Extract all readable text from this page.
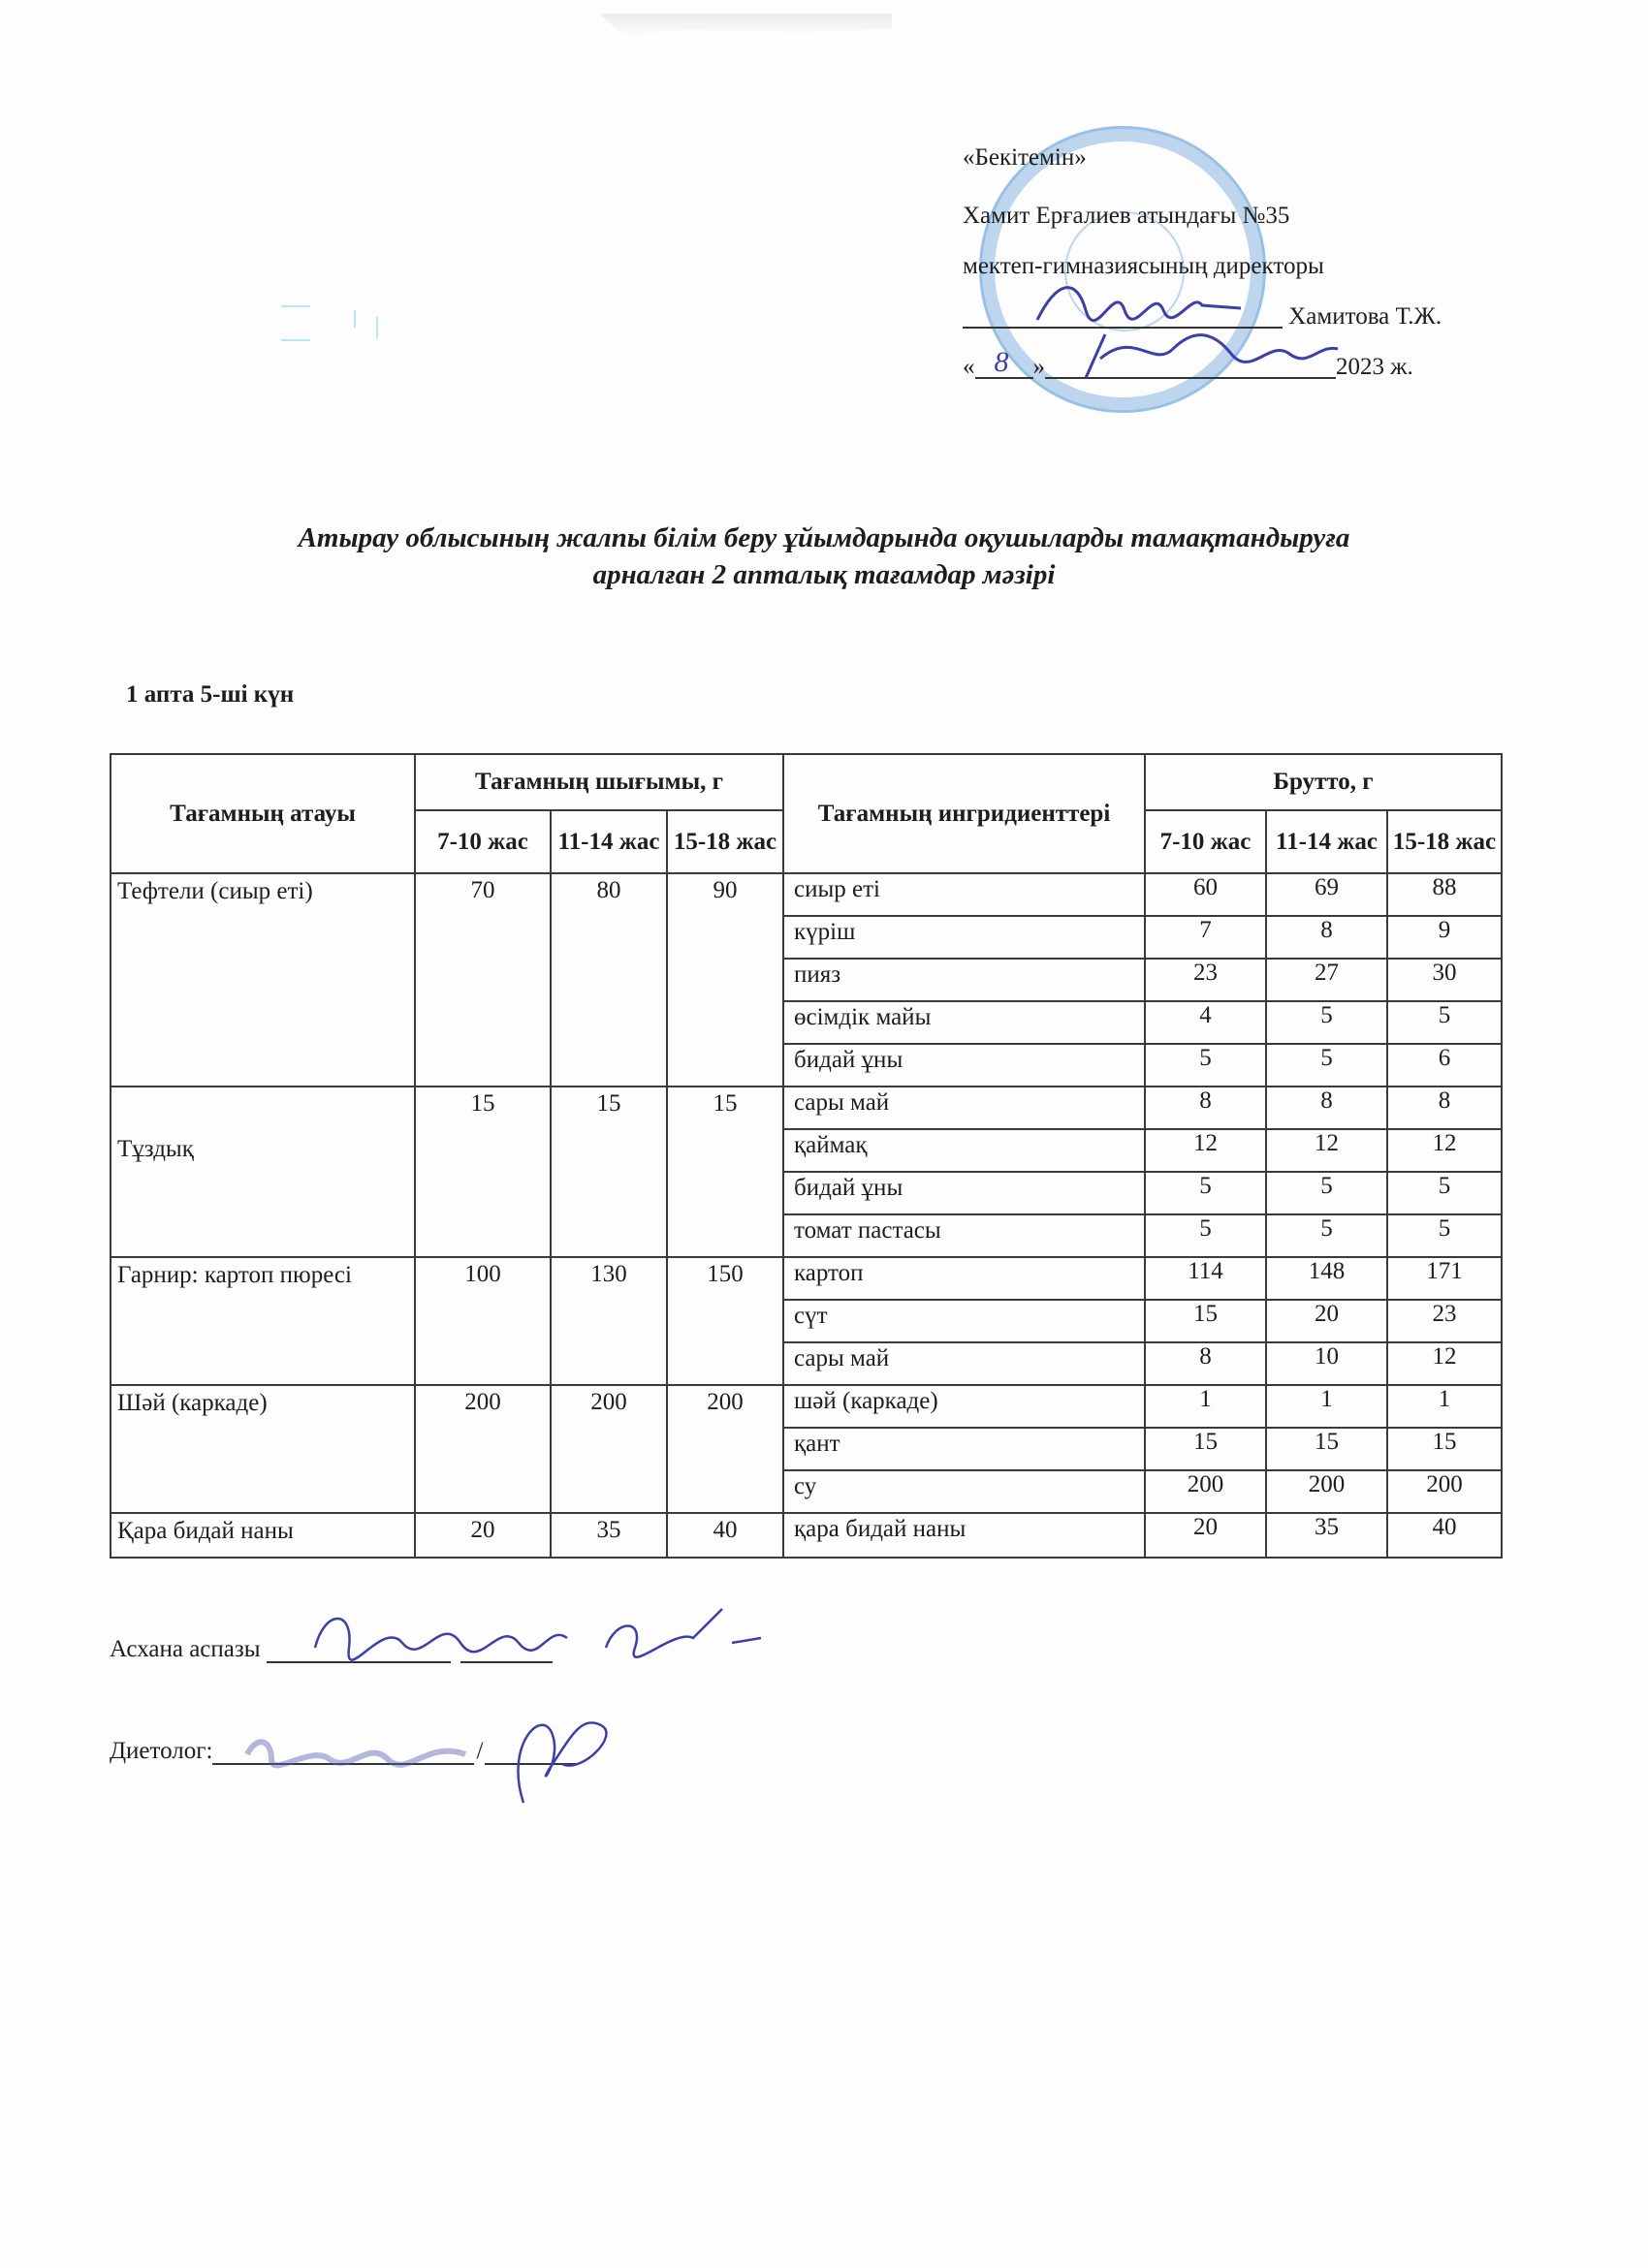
«Бекітемін»
Хамит Ерғалиев атындағы №35
мектеп-гимназиясының директоры
Хамитова Т.Ж.
« 8 »	2023 ж.
Атырау облысының жалпы білім беру ұйымдарында оқушыларды тамақтандыруға
арналған 2 апталық тағамдар мәзірі
1 апта 5-ші күн
Тағамның атауы	Тағамның шығымы, г			Тағамның ингридиенттері	Брутто, г		
	7-10 жас	11-14 жас	15-18 жас		7-10 жас	11-14 жас	15-18 жас
Тефтели (сиыр еті)	70	80	90	сиыр еті	60	69	88
				күріш	7	8	9
				пияз	23	27	30
				өсімдік майы	4	5	5
				бидай ұны	5	5	6
Тұздық	15	15	15	сары май	8	8	8
				қаймақ	12	12	12
				бидай ұны	5	5	5
				томат пастасы	5	5	5
Гарнир: картоп пюресі	100	130	150	картоп	114	148	171
				сүт	15	20	23
				сары май	8	10	12
Шәй (каркаде)	200	200	200	шәй (каркаде)	1	1	1
				қант	15	15	15
				су	200	200	200
Қара бидай наны	20	35	40	қара бидай наны	20	35	40
Асхана аспазы
Диетолог:	/
